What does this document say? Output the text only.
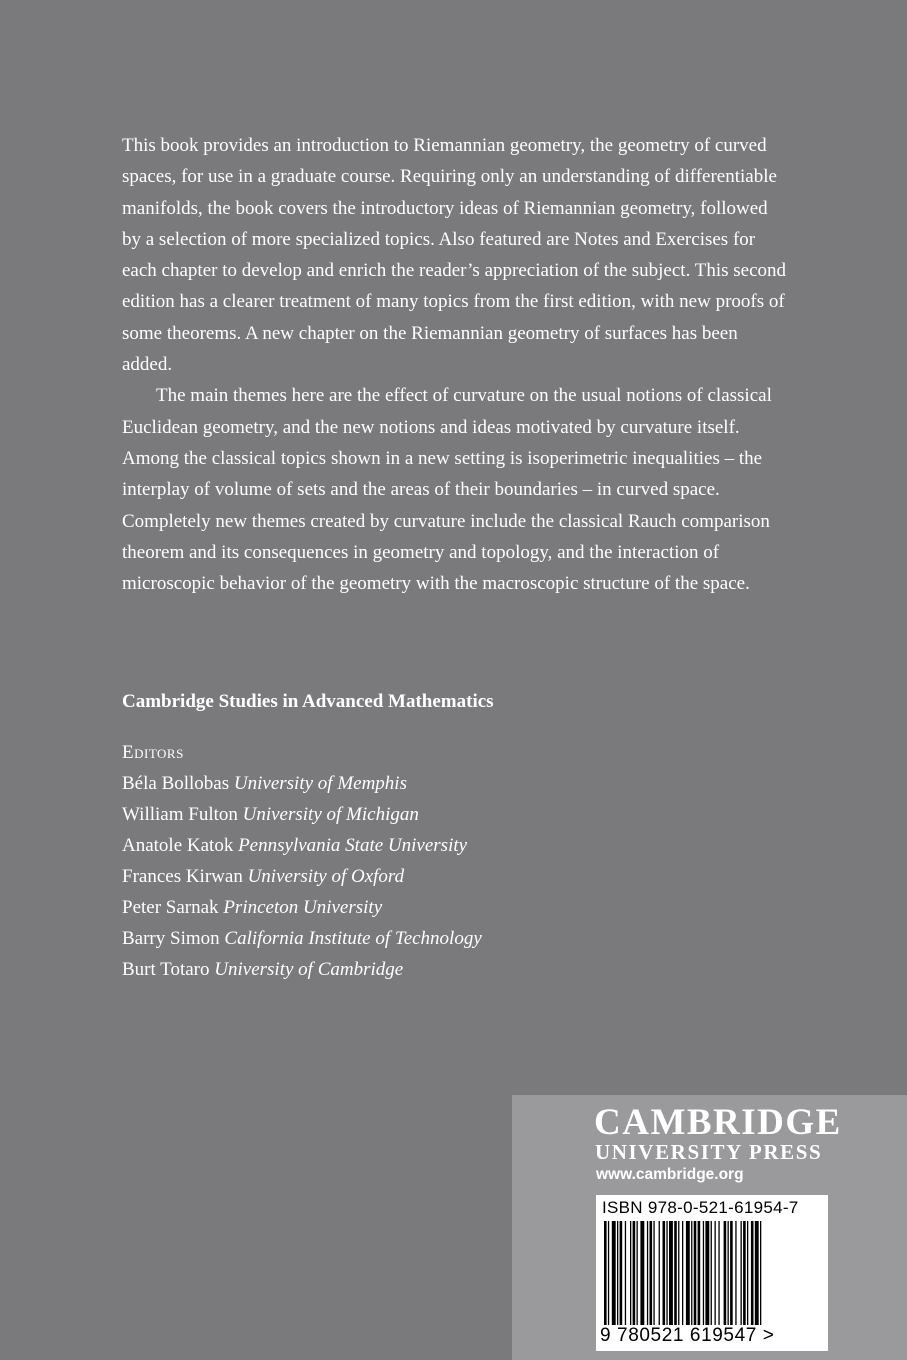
This book provides an introduction to Riemannian geometry, the geometry of curved spaces, for use in a graduate course. Requiring only an understanding of differentiable manifolds, the book covers the introductory ideas of Riemannian geometry, followed by a selection of more specialized topics. Also featured are Notes and Exercises for each chapter to develop and enrich the reader’s appreciation of the subject. This second edition has a clearer treatment of many topics from the first edition, with new proofs of some theorems. A new chapter on the Riemannian geometry of surfaces has been added.

The main themes here are the effect of curvature on the usual notions of classical Euclidean geometry, and the new notions and ideas motivated by curvature itself. Among the classical topics shown in a new setting is isoperimetric inequalities – the interplay of volume of sets and the areas of their boundaries – in curved space. Completely new themes created by curvature include the classical Rauch comparison theorem and its consequences in geometry and topology, and the interaction of microscopic behavior of the geometry with the macroscopic structure of the space.

Cambridge Studies in Advanced Mathematics
Editors
Béla Bollobas University of Memphis
William Fulton University of Michigan
Anatole Katok Pennsylvania State University
Frances Kirwan University of Oxford
Peter Sarnak Princeton University
Barry Simon California Institute of Technology
Burt Totaro University of Cambridge
CAMBRIDGE
UNIVERSITY PRESS
www.cambridge.org
ISBN 978-0-521-61954-7
9 780521 619547 >
